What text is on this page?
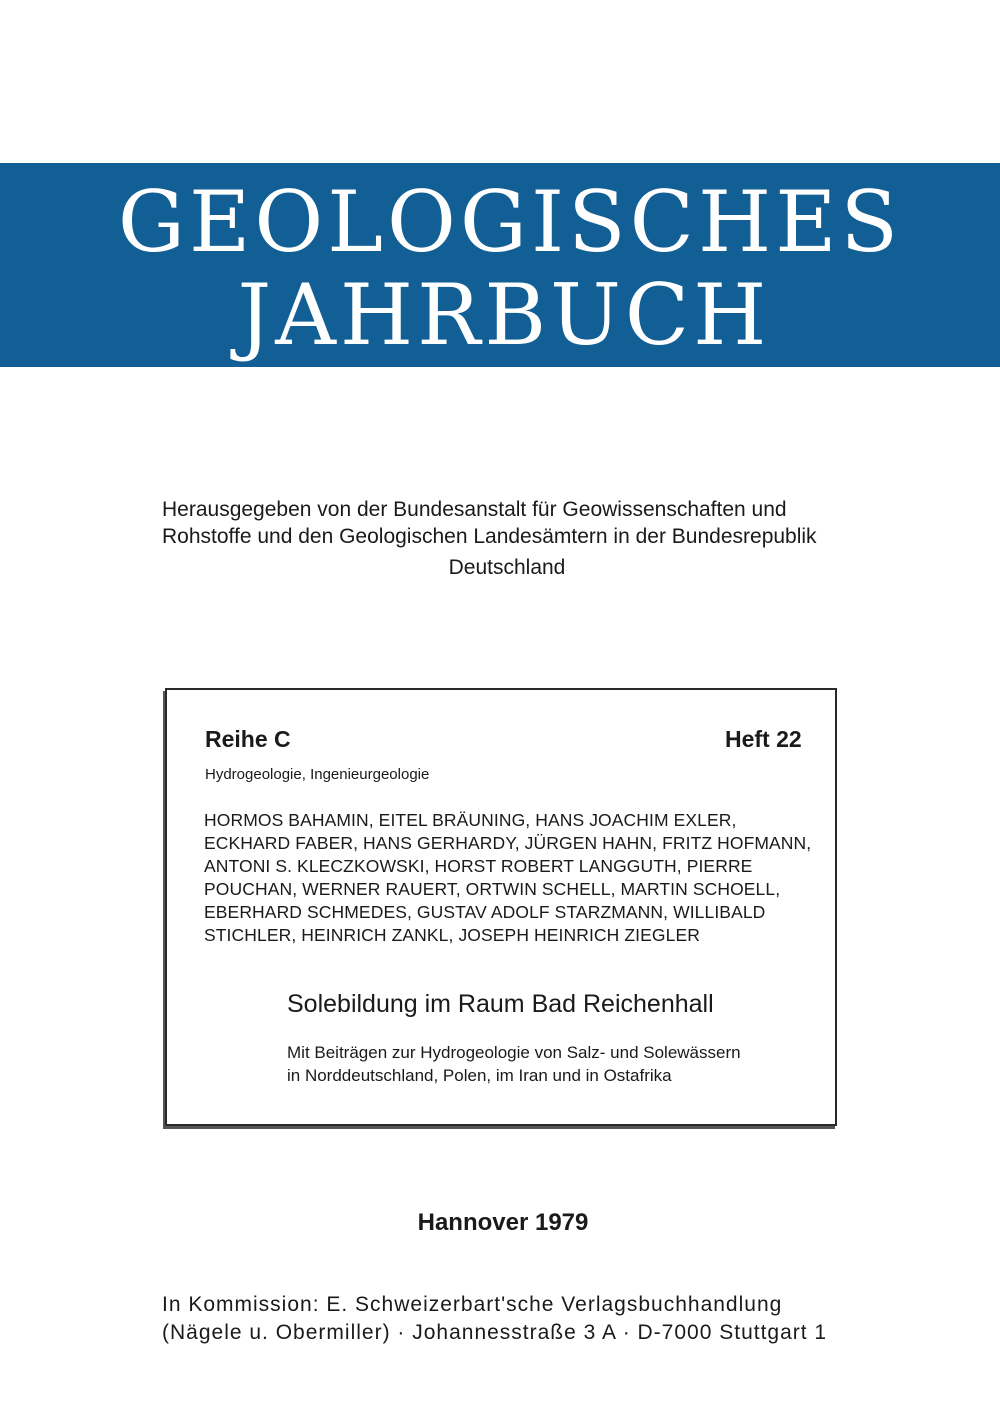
GEOLOGISCHES
JAHRBUCH
Herausgegeben von der Bundesanstalt für Geowissenschaften und
Rohstoffe und den Geologischen Landesämtern in der Bundesrepublik
Deutschland
Reihe C	Heft 22
Hydrogeologie, Ingenieurgeologie
HORMOS BAHAMIN, EITEL BRÄUNING, HANS JOACHIM EXLER,
ECKHARD FABER, HANS GERHARDY, JÜRGEN HAHN, FRITZ HOFMANN,
ANTONI S. KLECZKOWSKI, HORST ROBERT LANGGUTH, PIERRE
POUCHAN, WERNER RAUERT, ORTWIN SCHELL, MARTIN SCHOELL,
EBERHARD SCHMEDES, GUSTAV ADOLF STARZMANN, WILLIBALD
STICHLER, HEINRICH ZANKL, JOSEPH HEINRICH ZIEGLER
Solebildung im Raum Bad Reichenhall
Mit Beiträgen zur Hydrogeologie von Salz- und Solewässern
in Norddeutschland, Polen, im Iran und in Ostafrika
Hannover 1979
In Kommission: E. Schweizerbart'sche Verlagsbuchhandlung
(Nägele u. Obermiller) · Johannesstraße 3 A · D-7000 Stuttgart 1
